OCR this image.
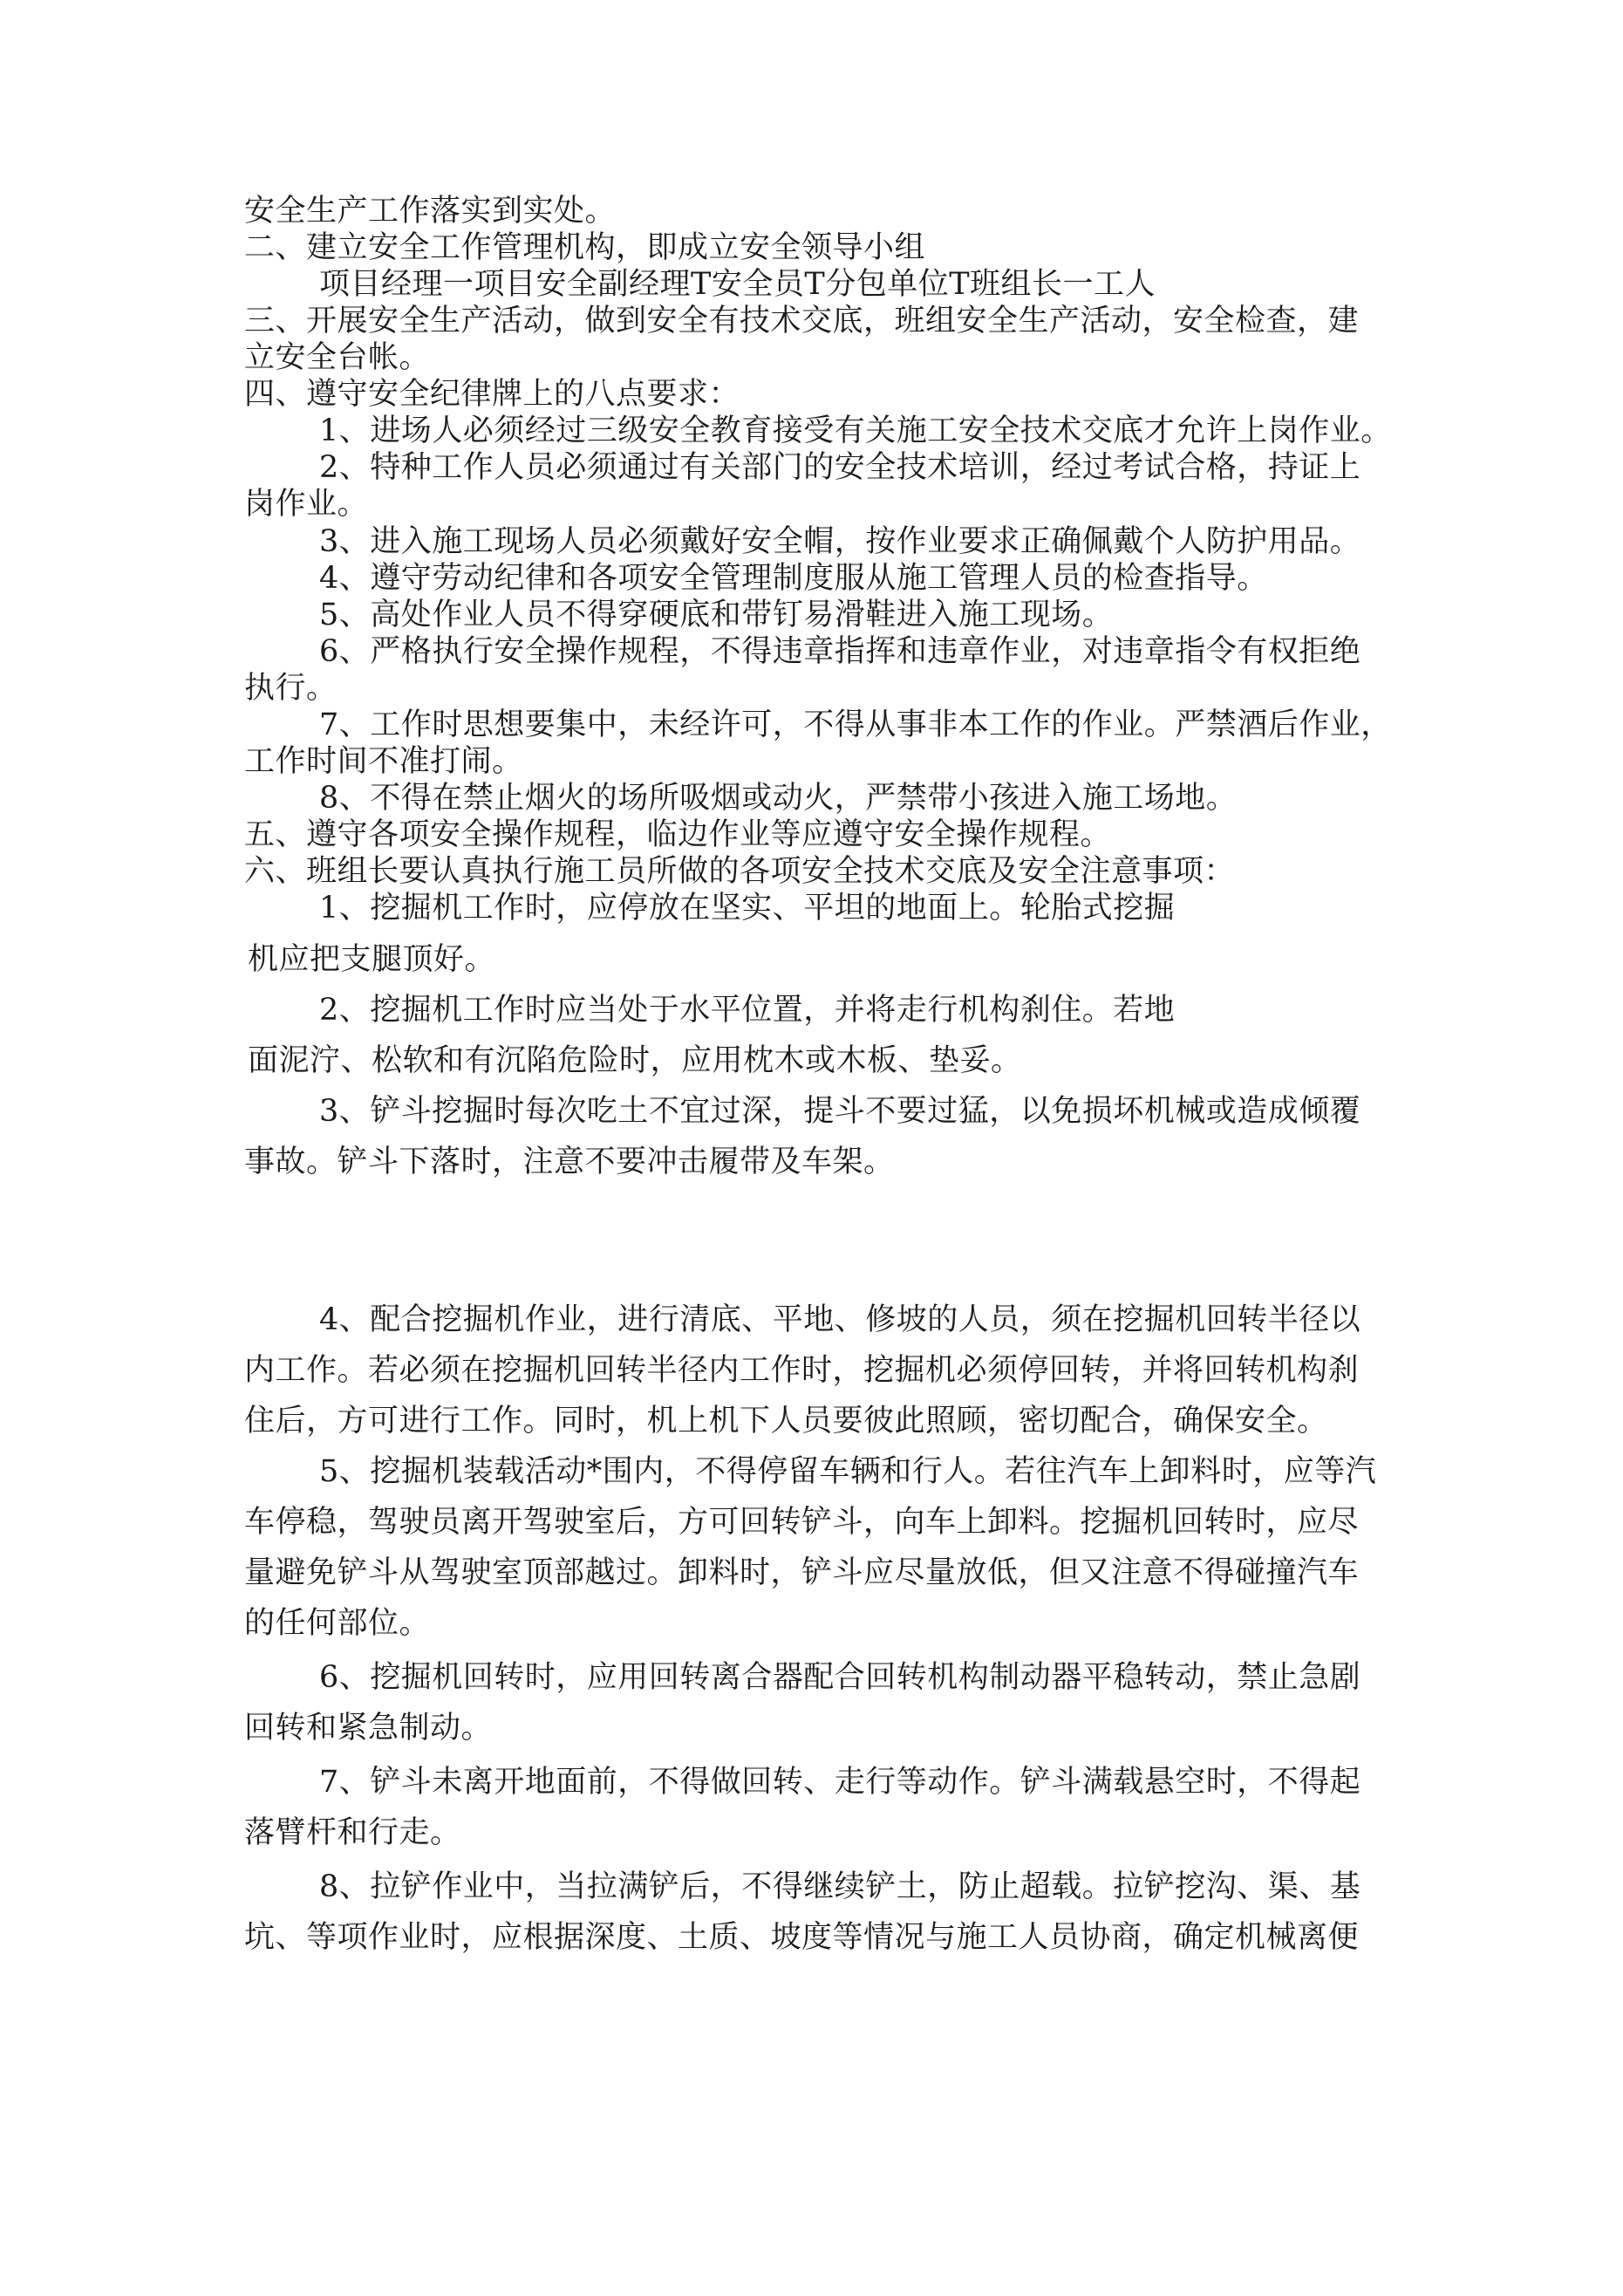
安全生产工作落实到实处。
二、建立安全工作管理机构，即成立安全领导小组
项目经理一项目安全副经理T安全员T分包单位T班组长一工人
三、开展安全生产活动，做到安全有技术交底，班组安全生产活动，安全检查，建
立安全台帐。
四、遵守安全纪律牌上的八点要求：
1、进场人必须经过三级安全教育接受有关施工安全技术交底才允许上岗作业。
2、特种工作人员必须通过有关部门的安全技术培训，经过考试合格，持证上
岗作业。
3、进入施工现场人员必须戴好安全帽，按作业要求正确佩戴个人防护用品。
4、遵守劳动纪律和各项安全管理制度服从施工管理人员的检查指导。
5、高处作业人员不得穿硬底和带钉易滑鞋进入施工现场。
6、严格执行安全操作规程，不得违章指挥和违章作业，对违章指令有权拒绝
执行。
7、工作时思想要集中，未经许可，不得从事非本工作的作业。严禁酒后作业，
工作时间不准打闹。
8、不得在禁止烟火的场所吸烟或动火，严禁带小孩进入施工场地。
五、遵守各项安全操作规程，临边作业等应遵守安全操作规程。
六、班组长要认真执行施工员所做的各项安全技术交底及安全注意事项：
1、挖掘机工作时，应停放在坚实、平坦的地面上。轮胎式挖掘
机应把支腿顶好。
2、挖掘机工作时应当处于水平位置，并将走行机构刹住。若地
面泥泞、松软和有沉陷危险时，应用枕木或木板、垫妥。
3、铲斗挖掘时每次吃土不宜过深，提斗不要过猛，以免损坏机械或造成倾覆
事故。铲斗下落时，注意不要冲击履带及车架。
4、配合挖掘机作业，进行清底、平地、修坡的人员，须在挖掘机回转半径以
内工作。若必须在挖掘机回转半径内工作时，挖掘机必须停回转，并将回转机构刹
住后，方可进行工作。同时，机上机下人员要彼此照顾，密切配合，确保安全。
5、挖掘机装载活动*围内，不得停留车辆和行人。若往汽车上卸料时，应等汽
车停稳，驾驶员离开驾驶室后，方可回转铲斗，向车上卸料。挖掘机回转时，应尽
量避免铲斗从驾驶室顶部越过。卸料时，铲斗应尽量放低，但又注意不得碰撞汽车
的任何部位。
6、挖掘机回转时，应用回转离合器配合回转机构制动器平稳转动，禁止急剧
回转和紧急制动。
7、铲斗未离开地面前，不得做回转、走行等动作。铲斗满载悬空时，不得起
落臂杆和行走。
8、拉铲作业中，当拉满铲后，不得继续铲土，防止超载。拉铲挖沟、渠、基
坑、等项作业时，应根据深度、土质、坡度等情况与施工人员协商，确定机械离便
